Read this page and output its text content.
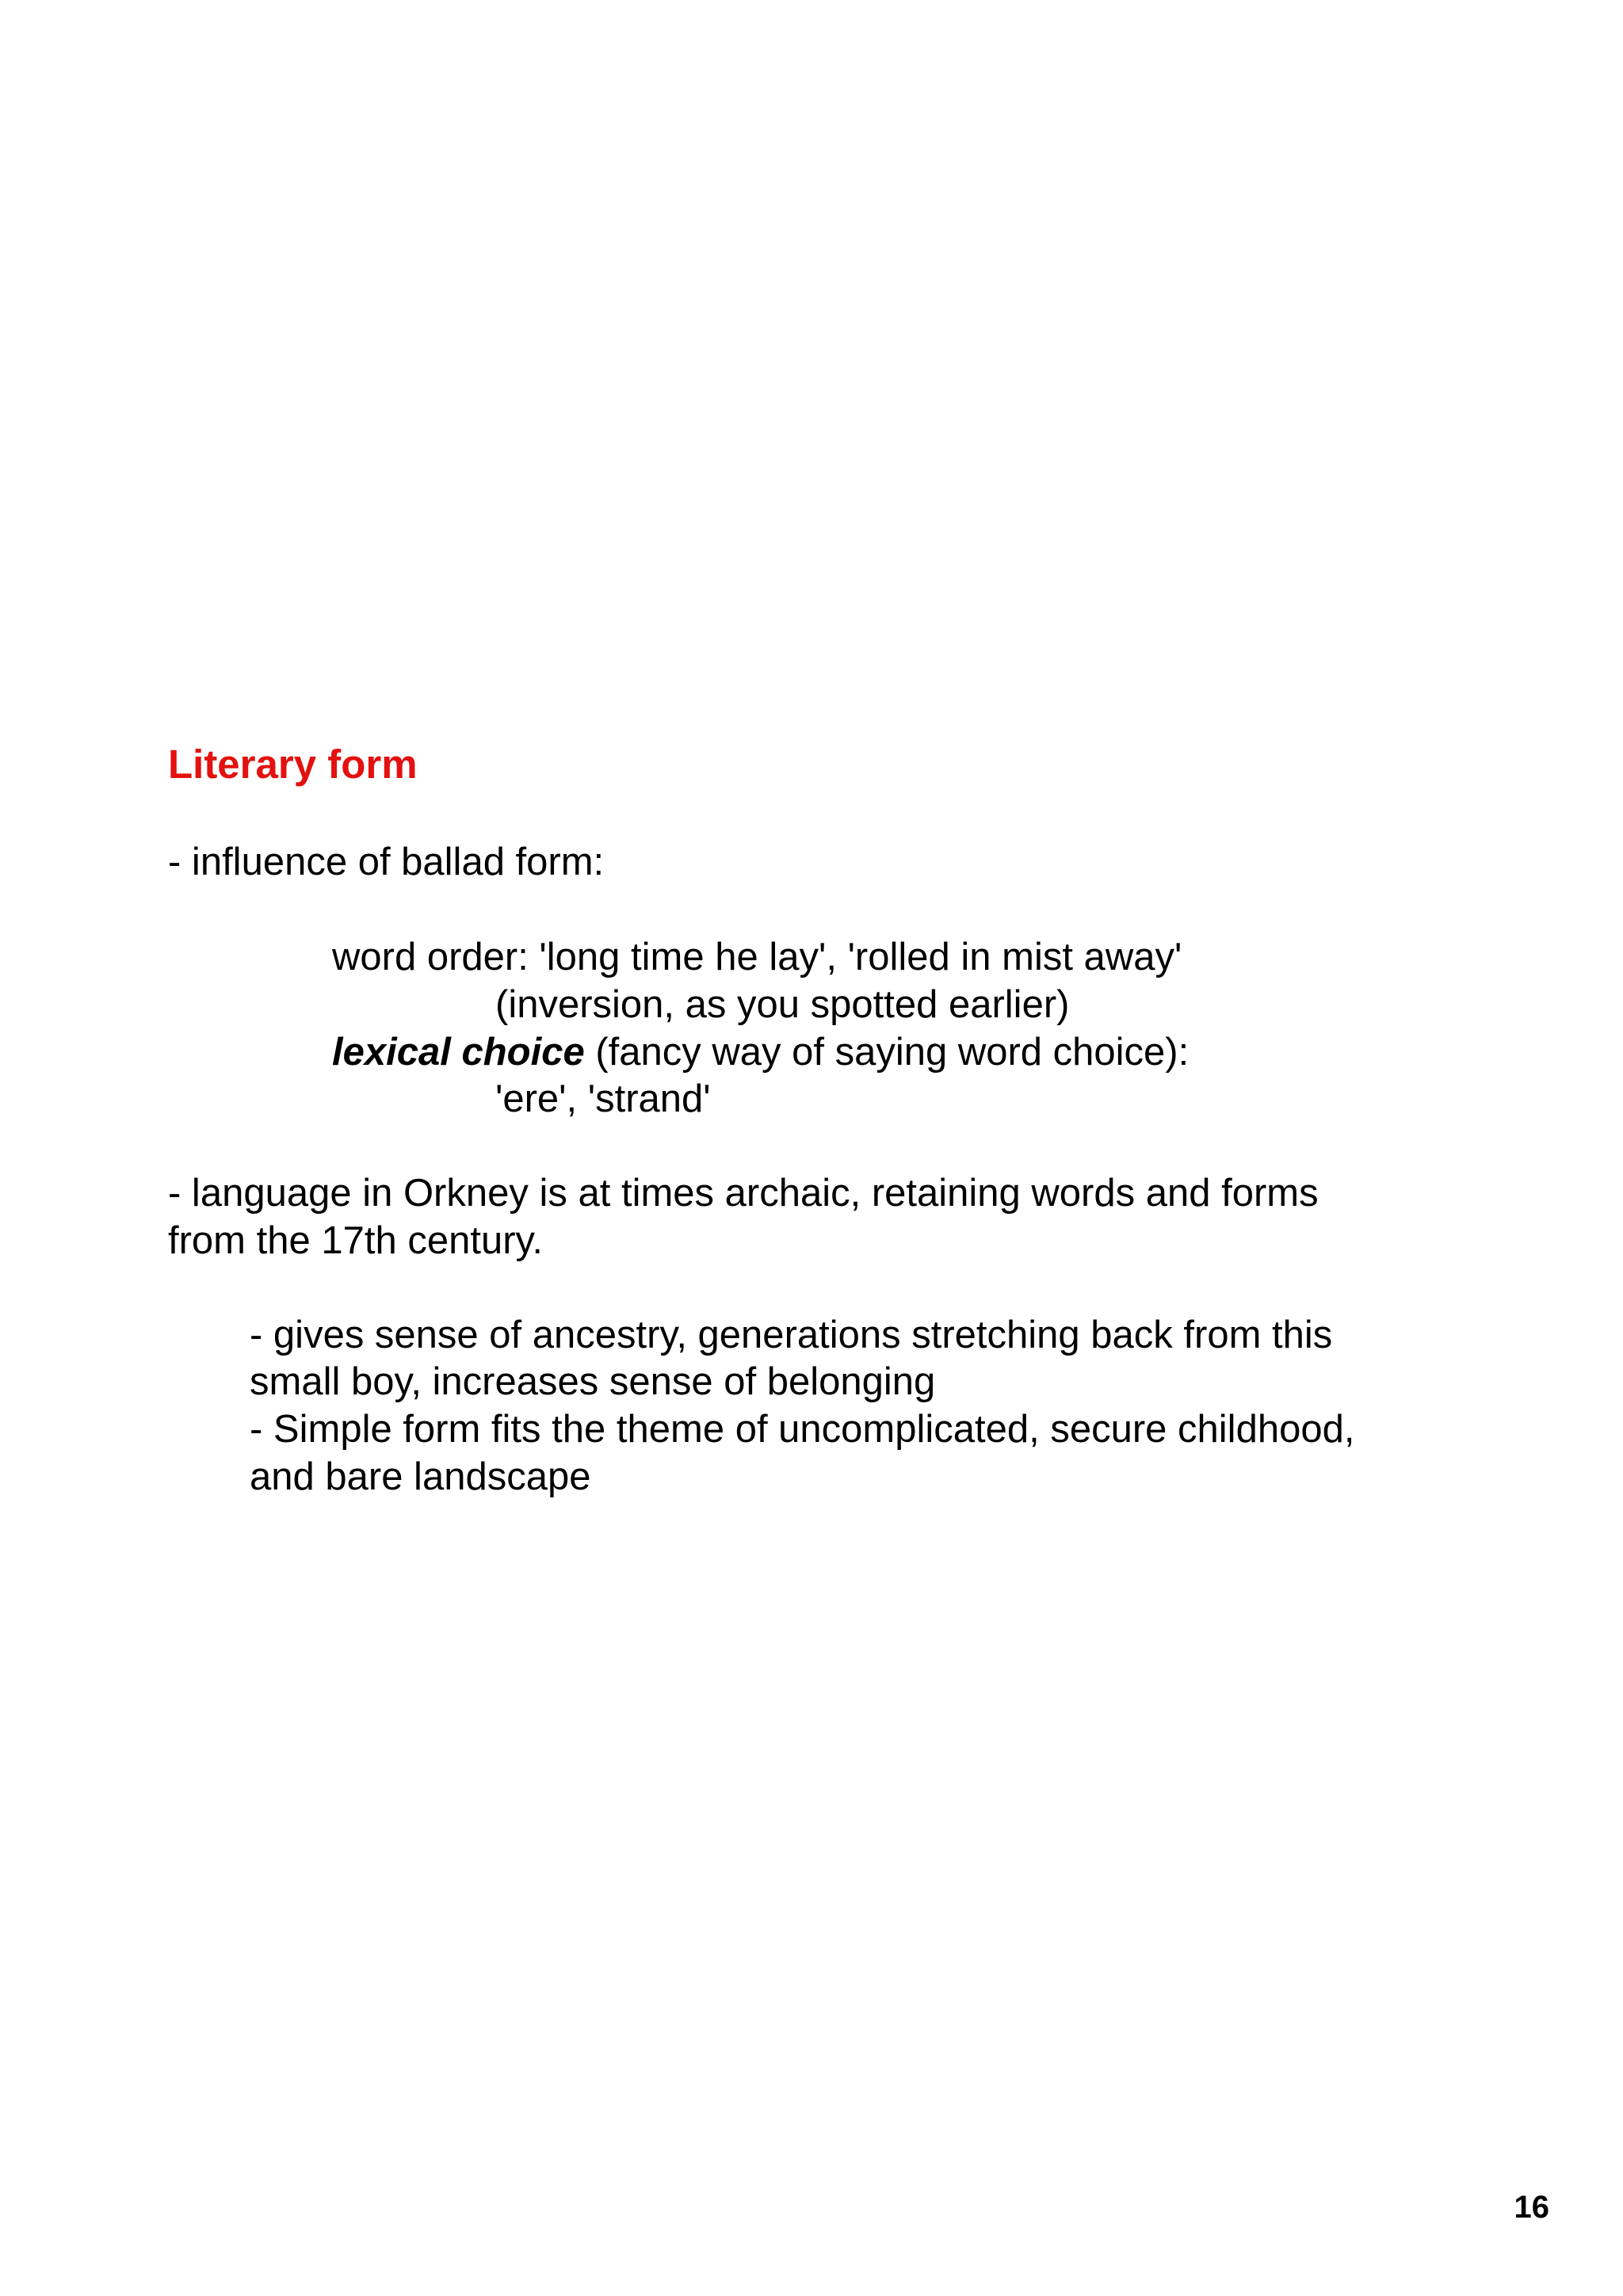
Literary form
- influence of ballad form:
word order: 'long time he lay', 'rolled in mist away'
(inversion, as you spotted earlier)
lexical choice (fancy way of saying word choice):
'ere', 'strand'
- language in Orkney is at times archaic, retaining words and forms
from the 17th century.
- gives sense of ancestry, generations stretching back from this
small boy, increases sense of belonging
- Simple form fits the theme of uncomplicated, secure childhood,
and bare landscape
16
